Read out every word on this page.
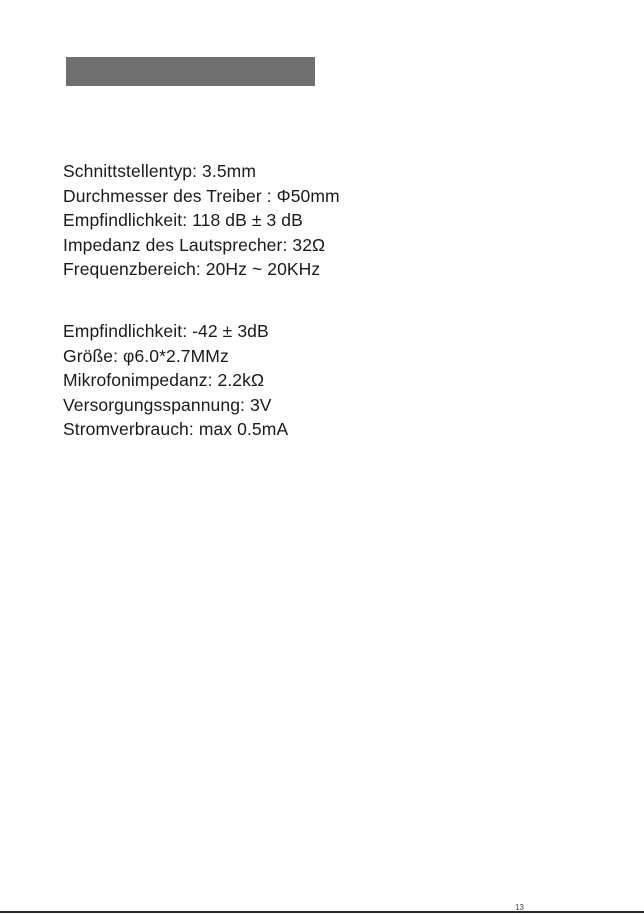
Schnittstellentyp: 3.5mm
Durchmesser des Treiber : Φ50mm
Empfindlichkeit: 118 dB ± 3 dB
Impedanz des Lautsprecher: 32Ω
Frequenzbereich: 20Hz ~ 20KHz
Empfindlichkeit: -42 ± 3dB
Größe: φ6.0*2.7MMz
Mikrofonimpedanz: 2.2kΩ
Versorgungsspannung: 3V
Stromverbrauch: max 0.5mA
13
